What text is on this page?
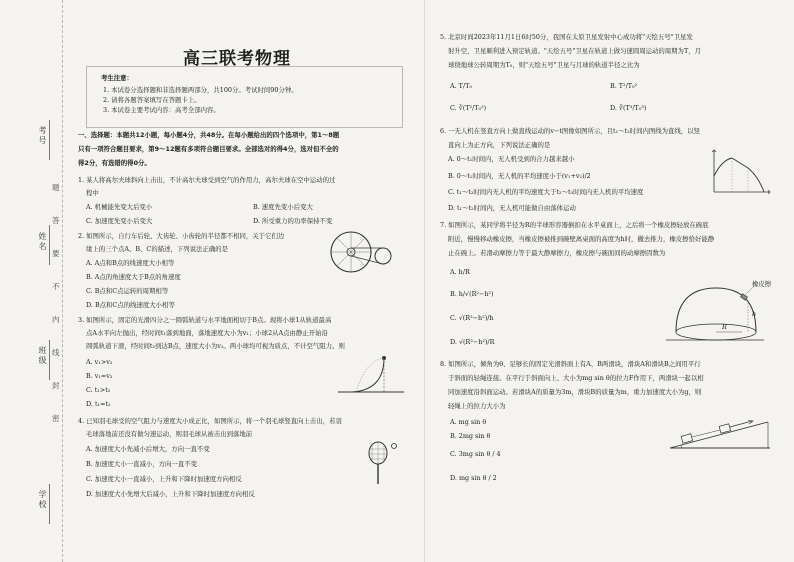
考号
姓名
班级
学校
题
答
要
不
内
线
封
密
高三联考物理
考生注意：
1. 本试卷分选择题和非选择题两部分，共100分。考试时间90分钟。
2. 请将各题答案填写在答题卡上。
3. 本试卷主要考试内容：高考全部内容。
一、选择题：本题共12小题，每小题4分，共48分。在每小题给出的四个选项中，第1～8题
只有一项符合题目要求，第9～12题有多项符合题目要求。全部选对的得4分，选对但不全的
得2分，有选错的得0分。
1. 某人将高尔夫球斜向上击出，不计高尔夫球受到空气的作用力，高尔夫球在空中运动的过
程中
A. 机械能先变大后变小	B. 速度先变小后变大
C. 加速度先变小后变大	D. 所受重力的功率保持不变
2. 如图所示，自行车后轮、大齿轮、小齿轮的半径都不相同，关于它们边
缘上的三个点A、B、C的描述，下列说法正确的是
A. A点和B点的线速度大小相等
B. A点的角速度大于B点的角速度
C. B点和C点运转的周期相等
D. B点和C点的线速度大小相等
3. 如图所示，固定的光滑四分之一圆弧轨道与水平地面相切于B点。现将小球1从轨道最高
点A水平向左抛出，经时间t₁落到地面，落地速度大小为v₁；小球2从A点由静止开始沿
圆弧轨道下滑，经时间t₂到达B点，速度大小为v₂。两小球均可视为质点，不计空气阻力。则
A. v₁>v₂
B. v₁=v₂
C. t₁>t₂
D. t₁=t₂
4. 已知羽毛球受的空气阻力与速度大小成正比，如图所示，将一个羽毛球竖直向上击出，若羽
毛球落地前还没有做匀速运动，则羽毛球从被击出到落地前
A. 加速度大小先减小后增大，方向一直不变
B. 加速度大小一直减小，方向一直不变
C. 加速度大小一直减小，上升和下降时加速度方向相反
D. 加速度大小先增大后减小，上升和下降时加速度方向相反
5. 北京时间2023年11月1日6时50分，我国在太原卫星发射中心成功将"天绘五号"卫星发
射升空，卫星顺利进入预定轨道。"天绘五号"卫星在轨道上做匀速圆周运动的周期为T，月
球绕地球公转周期为T₀，则"天绘五号"卫星与月球的轨道半径之比为
A. T/T₀	B. T²/T₀²
C. ∛(T²/T₀²)	D. ∛(T³/T₀³)
6. 一无人机在竖直方向上做直线运动的v−t图像如图所示，且t₁～t₂时间内图线为直线，以竖
直向上为正方向，下列说法正确的是
A. 0～t₁时间内，无人机受到的合力越来越小
B. 0～t₁时间内，无人机的平均速度小于(v₁+v₂)/2
C. t₁～t₂时间内无人机的平均速度大于t₂～t₃时间内无人机的平均速度
D. t₁～t₂时间内，无人机可能做自由落体运动
7. 如图所示，某同学将半径为R的半球形容器倒扣在水平桌面上，之后将一个橡皮擦轻放在碗底
附近，慢慢移动橡皮擦，当橡皮擦被推到碗壁离桌面的高度为h时，撤去推力，橡皮擦恰好能静
止在碗上。若滑动摩擦力等于最大静摩擦力，橡皮擦与碗面间的动摩擦因数为
A. h/R
B. h/√(R²−h²)
C. √(R²−h²)/h
D. √(R²−h²)/R
橡皮擦
h
R
8. 如图所示，倾角为θ、足够长的固定光滑斜面上有A、B两滑块，滑块A和滑块B之间用平行
于斜面的轻绳连接。在平行于斜面向上、大小为mg sin θ的拉力F作用下，两滑块一起以相
同加速度沿斜面运动。若滑块A的质量为3m，滑块B的质量为m，重力加速度大小为g，则
轻绳上的拉力大小为
A. mg sin θ
B. 2mg sin θ
C. 3mg sin θ / 4
D. mg sin θ / 2
